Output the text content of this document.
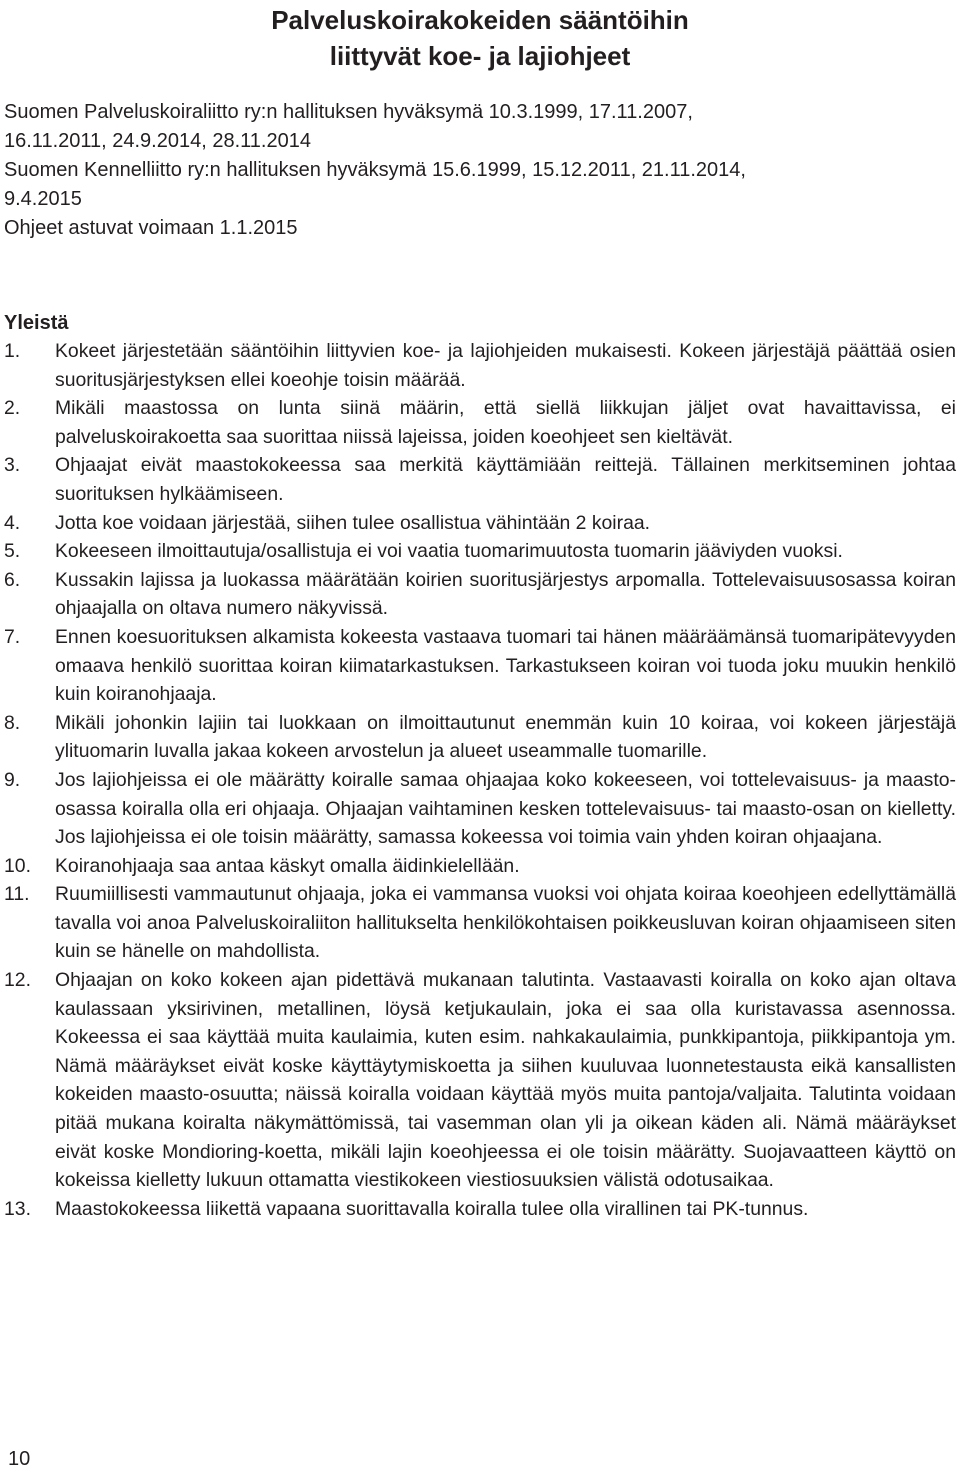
Palveluskoirakokeiden sääntöihin
liittyvät koe- ja lajiohjeet
Suomen Palveluskoiraliitto ry:n hallituksen hyväksymä 10.3.1999, 17.11.2007,
16.11.2011, 24.9.2014, 28.11.2014
Suomen Kennelliitto ry:n hallituksen hyväksymä 15.6.1999, 15.12.2011, 21.11.2014,
9.4.2015
Ohjeet astuvat voimaan 1.1.2015
Yleistä
1.	Kokeet järjestetään sääntöihin liittyvien koe- ja lajiohjeiden mukaisesti. Kokeen järjestäjä päättää osien suoritusjärjestyksen ellei koeohje toisin määrää.
2.	Mikäli maastossa on lunta siinä määrin, että siellä liikkujan jäljet ovat havaittavissa, ei palveluskoirakoetta saa suorittaa niissä lajeissa, joiden koeohjeet sen kieltävät.
3.	Ohjaajat eivät maastokokeessa saa merkitä käyttämiään reittejä. Tällainen merkitseminen johtaa suorituksen hylkäämiseen.
4.	Jotta koe voidaan järjestää, siihen tulee osallistua vähintään 2 koiraa.
5.	Kokeeseen ilmoittautuja/osallistuja ei voi vaatia tuomarimuutosta tuomarin jääviyden vuoksi.
6.	Kussakin lajissa ja luokassa määrätään koirien suoritusjärjestys arpomalla. Tottelevaisuusosassa koiran ohjaajalla on oltava numero näkyvissä.
7.	Ennen koesuorituksen alkamista kokeesta vastaava tuomari tai hänen määräämänsä tuomaripätevyyden omaava henkilö suorittaa koiran kiimatarkastuksen. Tarkastukseen koiran voi tuoda joku muukin henkilö kuin koiranohjaaja.
8.	Mikäli johonkin lajiin tai luokkaan on ilmoittautunut enemmän kuin 10 koiraa, voi kokeen järjestäjä ylituomarin luvalla jakaa kokeen arvostelun ja alueet useammalle tuomarille.
9.	Jos lajiohjeissa ei ole määrätty koiralle samaa ohjaajaa koko kokeeseen, voi tottelevaisuus- ja maasto-osassa koiralla olla eri ohjaaja. Ohjaajan vaihtaminen kesken tottelevaisuus- tai maasto-osan on kielletty. Jos lajiohjeissa ei ole toisin määrätty, samassa kokeessa voi toimia vain yhden koiran ohjaajana.
10.	Koiranohjaaja saa antaa käskyt omalla äidinkielellään.
11.	Ruumiillisesti vammautunut ohjaaja, joka ei vammansa vuoksi voi ohjata koiraa koeohjeen edellyttämällä tavalla voi anoa Palveluskoiraliiton hallitukselta henkilökohtaisen poikkeusluvan koiran ohjaamiseen siten kuin se hänelle on mahdollista.
12.	Ohjaajan on koko kokeen ajan pidettävä mukanaan talutinta. Vastaavasti koiralla on koko ajan oltava kaulassaan yksirivinen, metallinen, löysä ketjukaulain, joka ei saa olla kuristavassa asennossa. Kokeessa ei saa käyttää muita kaulaimia, kuten esim. nahkakaulaimia, punkkipantoja, piikkipantoja ym. Nämä määräykset eivät koske käyttäytymiskoetta ja siihen kuuluvaa luonnetestausta eikä kansallisten kokeiden maasto-osuutta; näissä koiralla voidaan käyttää myös muita pantoja/valjaita. Talutinta voidaan pitää mukana koiralta näkymättömissä, tai vasemman olan yli ja oikean käden ali. Nämä määräykset eivät koske Mondioring-koetta, mikäli lajin koeohjeessa ei ole toisin määrätty. Suojavaatteen käyttö on kokeissa kielletty lukuun ottamatta viestikokeen viestiosuuksien välistä odotusaikaa.
13.	Maastokokeessa liikettä vapaana suorittavalla koiralla tulee olla virallinen tai PK-tunnus.
10
